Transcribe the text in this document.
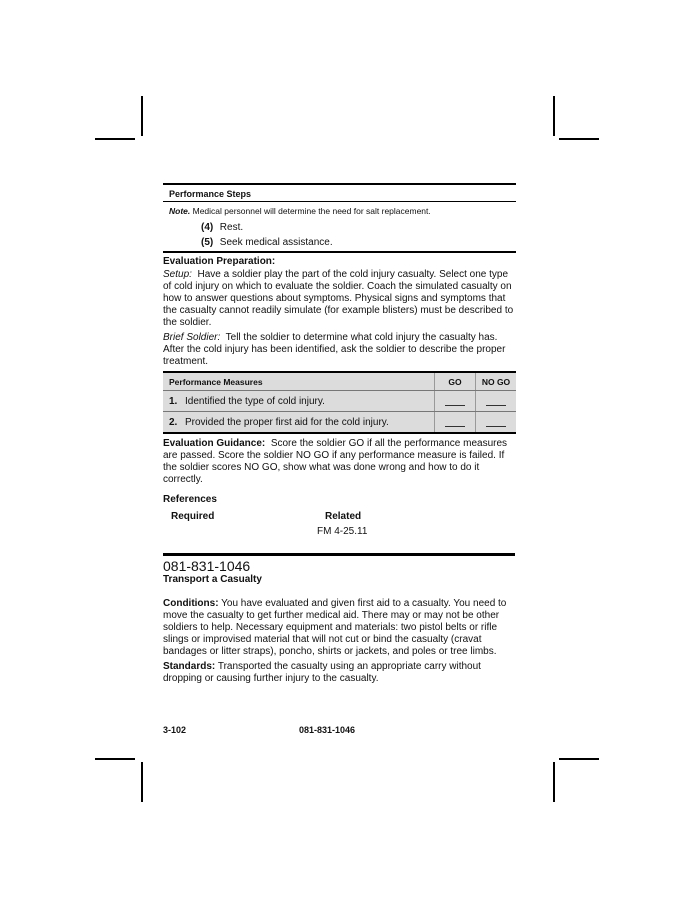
Performance Steps
Note. Medical personnel will determine the need for salt replacement.
(4) Rest.
(5) Seek medical assistance.
Evaluation Preparation:
Setup: Have a soldier play the part of the cold injury casualty. Select one type of cold injury on which to evaluate the soldier. Coach the simulated casualty on how to answer questions about symptoms. Physical signs and symptoms that the casualty cannot readily simulate (for example blisters) must be described to the soldier.
Brief Soldier: Tell the soldier to determine what cold injury the casualty has. After the cold injury has been identified, ask the soldier to describe the proper treatment.
Performance Measures	GO	NO GO
1. Identified the type of cold injury.		
2. Provided the proper first aid for the cold injury.		
Evaluation Guidance: Score the soldier GO if all the performance measures are passed. Score the soldier NO GO if any performance measure is failed. If the soldier scores NO GO, show what was done wrong and how to do it correctly.
References
Required	Related
FM 4-25.11
081-831-1046
Transport a Casualty
Conditions: You have evaluated and given first aid to a casualty. You need to move the casualty to get further medical aid. There may or may not be other soldiers to help. Necessary equipment and materials: two pistol belts or rifle slings or improvised material that will not cut or bind the casualty (cravat bandages or litter straps), poncho, shirts or jackets, and poles or tree limbs.
Standards: Transported the casualty using an appropriate carry without dropping or causing further injury to the casualty.
3-102	081-831-1046
